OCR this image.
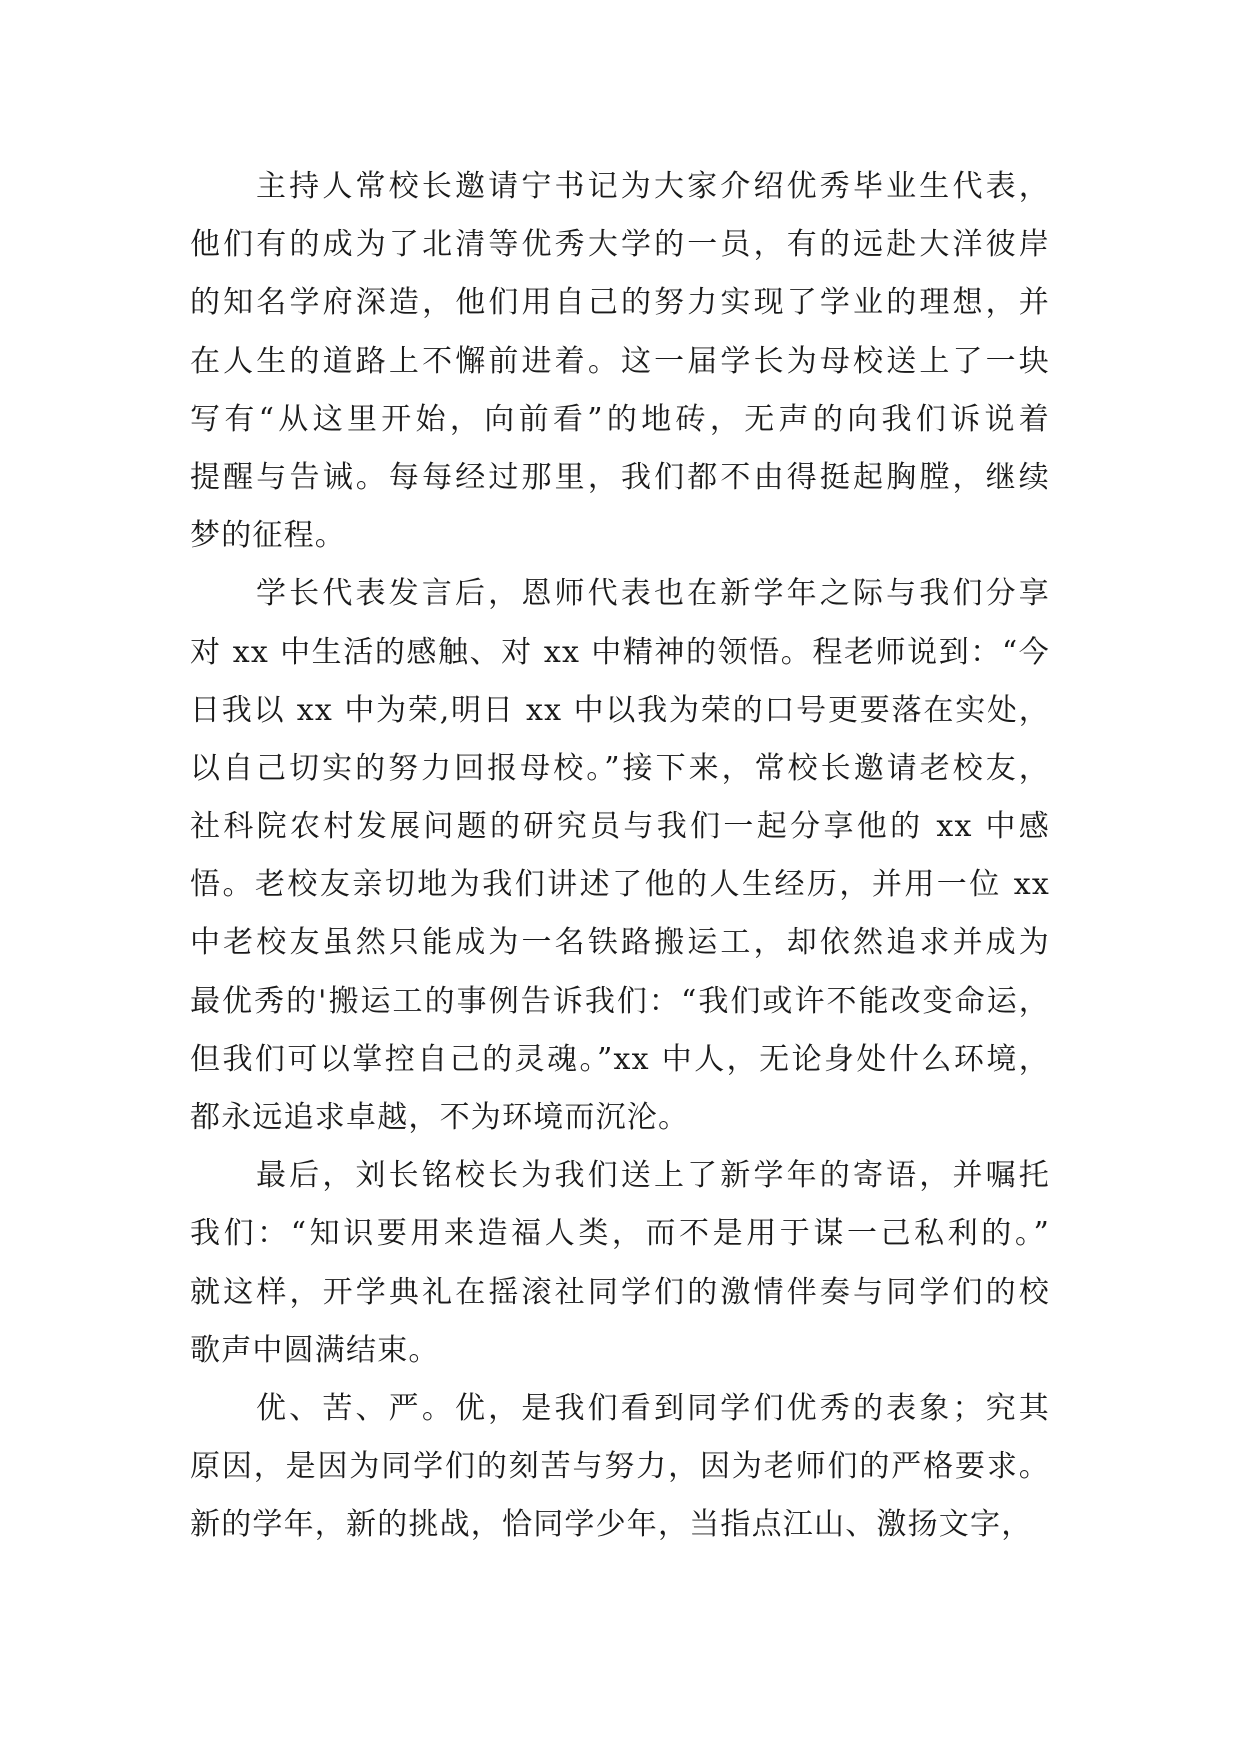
主持人常校长邀请宁书记为大家介绍优秀毕业生代表，
他们有的成为了北清等优秀大学的一员，有的远赴大洋彼岸
的知名学府深造，他们用自己的努力实现了学业的理想，并
在人生的道路上不懈前进着。这一届学长为母校送上了一块
写有“从这里开始，向前看”的地砖，无声的向我们诉说着
提醒与告诫。每每经过那里，我们都不由得挺起胸膛，继续
梦的征程。
学长代表发言后，恩师代表也在新学年之际与我们分享
对 xx 中生活的感触、对 xx 中精神的领悟。程老师说到：“今
日我以 xx 中为荣,明日 xx 中以我为荣的口号更要落在实处，
以自己切实的努力回报母校。”接下来，常校长邀请老校友，
社科院农村发展问题的研究员与我们一起分享他的 xx 中感
悟。老校友亲切地为我们讲述了他的人生经历，并用一位 xx
中老校友虽然只能成为一名铁路搬运工，却依然追求并成为
最优秀的'搬运工的事例告诉我们：“我们或许不能改变命运，
但我们可以掌控自己的灵魂。”xx 中人，无论身处什么环境，
都永远追求卓越，不为环境而沉沦。
最后，刘长铭校长为我们送上了新学年的寄语，并嘱托
我们：“知识要用来造福人类，而不是用于谋一己私利的。”
就这样，开学典礼在摇滚社同学们的激情伴奏与同学们的校
歌声中圆满结束。
优、苦、严。优，是我们看到同学们优秀的表象；究其
原因，是因为同学们的刻苦与努力，因为老师们的严格要求。
新的学年，新的挑战，恰同学少年，当指点江山、激扬文字，
